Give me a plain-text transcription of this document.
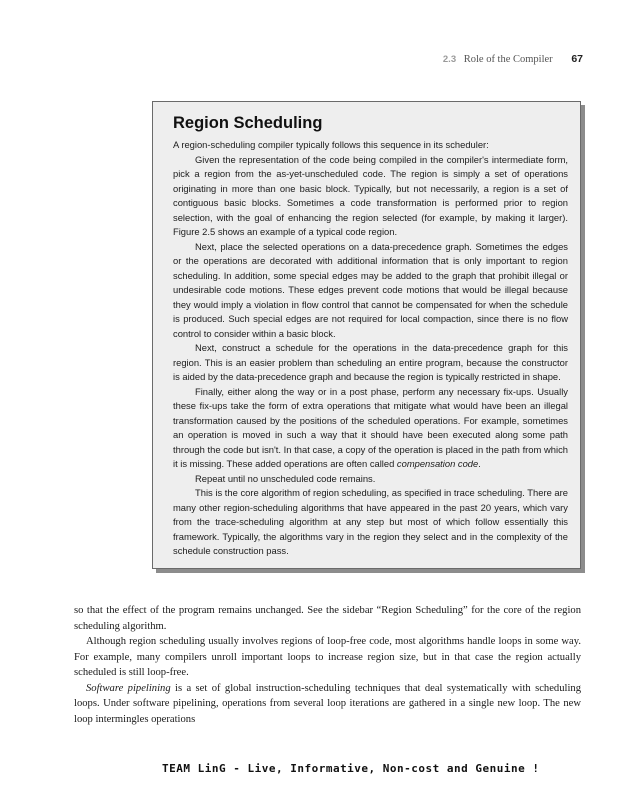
2.3 Role of the Compiler 67
Region Scheduling

A region-scheduling compiler typically follows this sequence in its scheduler:

Given the representation of the code being compiled in the compiler's intermediate form, pick a region from the as-yet-unscheduled code. The region is simply a set of operations originating in more than one basic block. Typically, but not necessarily, a region is a set of contiguous basic blocks. Sometimes a code transformation is performed prior to region selection, with the goal of enhancing the region selected (for example, by making it larger). Figure 2.5 shows an example of a typical code region.

Next, place the selected operations on a data-precedence graph. Sometimes the edges or the operations are decorated with additional information that is only important to region scheduling. In addition, some special edges may be added to the graph that prohibit illegal or undesirable code motions. These edges prevent code motions that would be illegal because they would imply a violation in flow control that cannot be compensated for when the schedule is produced. Such special edges are not required for local compaction, since there is no flow control to consider within a basic block.

Next, construct a schedule for the operations in the data-precedence graph for this region. This is an easier problem than scheduling an entire program, because the constructor is aided by the data-precedence graph and because the region is typically restricted in shape.

Finally, either along the way or in a post phase, perform any necessary fix-ups. Usually these fix-ups take the form of extra operations that mitigate what would have been an illegal transformation caused by the positions of the scheduled operations. For example, sometimes an operation is moved in such a way that it should have been executed along some path through the code but isn't. In that case, a copy of the operation is placed in the path from which it is missing. These added operations are often called compensation code.

Repeat until no unscheduled code remains.

This is the core algorithm of region scheduling, as specified in trace scheduling. There are many other region-scheduling algorithms that have appeared in the past 20 years, which vary from the trace-scheduling algorithm at any step but most of which follow essentially this framework. Typically, the algorithms vary in the region they select and in the complexity of the schedule construction pass.

so that the effect of the program remains unchanged. See the sidebar “Region Scheduling” for the core of the region scheduling algorithm.

Although region scheduling usually involves regions of loop-free code, most algorithms handle loops in some way. For example, many compilers unroll important loops to increase region size, but in that case the region actually scheduled is still loop-free.

Software pipelining is a set of global instruction-scheduling techniques that deal systematically with scheduling loops. Under software pipelining, operations from several loop iterations are gathered in a single new loop. The new loop intermingles operations

TEAM LinG - Live, Informative, Non-cost and Genuine !
